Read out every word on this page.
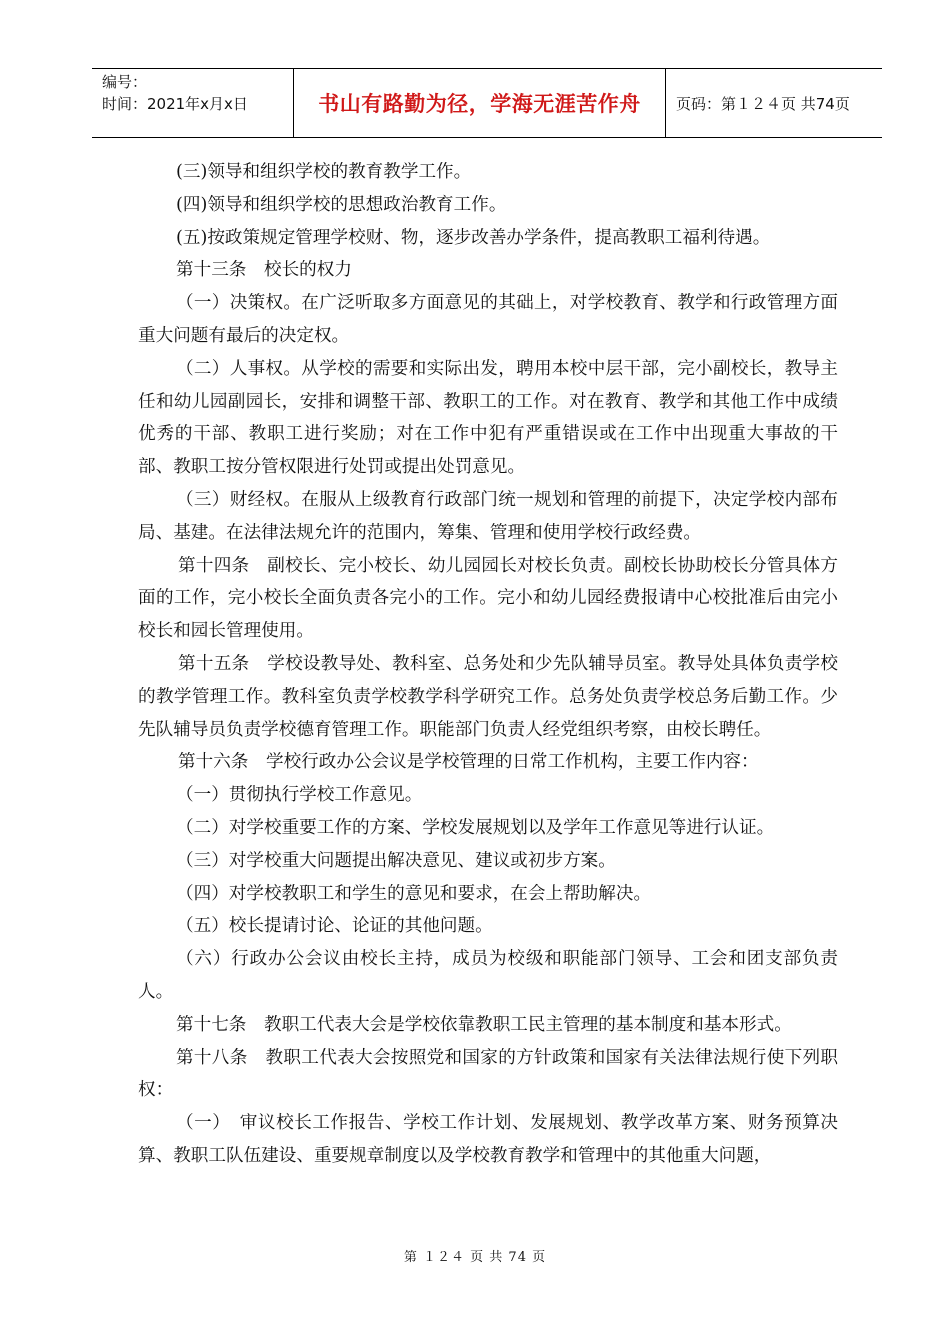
编号：
时间：2021年x月x日	书山有路勤为径，学海无涯苦作舟	页码：第１２４页 共74页

(三)领导和组织学校的教育教学工作。

(四)领导和组织学校的思想政治教育工作。

(五)按政策规定管理学校财、物，逐步改善办学条件，提高教职工福利待遇。

第十三条　校长的权力

（一）决策权。在广泛听取多方面意见的其础上，对学校教育、教学和行政管理方面重大问题有最后的决定权。

（二）人事权。从学校的需要和实际出发，聘用本校中层干部，完小副校长，教导主任和幼儿园副园长，安排和调整干部、教职工的工作。对在教育、教学和其他工作中成绩优秀的干部、教职工进行奖励；对在工作中犯有严重错误或在工作中出现重大事故的干部、教职工按分管权限进行处罚或提出处罚意见。

（三）财经权。在服从上级教育行政部门统一规划和管理的前提下，决定学校内部布局、基建。在法律法规允许的范围内，筹集、管理和使用学校行政经费。

第十四条　副校长、完小校长、幼儿园园长对校长负责。副校长协助校长分管具体方面的工作，完小校长全面负责各完小的工作。完小和幼儿园经费报请中心校批准后由完小校长和园长管理使用。

第十五条　学校设教导处、教科室、总务处和少先队辅导员室。教导处具体负责学校的教学管理工作。教科室负责学校教学科学研究工作。总务处负责学校总务后勤工作。少先队辅导员负责学校德育管理工作。职能部门负责人经党组织考察，由校长聘任。

第十六条　学校行政办公会议是学校管理的日常工作机构，主要工作内容：

（一）贯彻执行学校工作意见。

（二）对学校重要工作的方案、学校发展规划以及学年工作意见等进行认证。

（三）对学校重大问题提出解决意见、建议或初步方案。

（四）对学校教职工和学生的意见和要求，在会上帮助解决。

（五）校长提请讨论、论证的其他问题。

（六）行政办公会议由校长主持，成员为校级和职能部门领导、工会和团支部负责人。

第十七条　教职工代表大会是学校依靠教职工民主管理的基本制度和基本形式。

第十八条　教职工代表大会按照党和国家的方针政策和国家有关法律法规行使下列职权：

（一）　审议校长工作报告、学校工作计划、发展规划、教学改革方案、财务预算决算、教职工队伍建设、重要规章制度以及学校教育教学和管理中的其他重大问题，

第 １２４ 页 共 74 页
